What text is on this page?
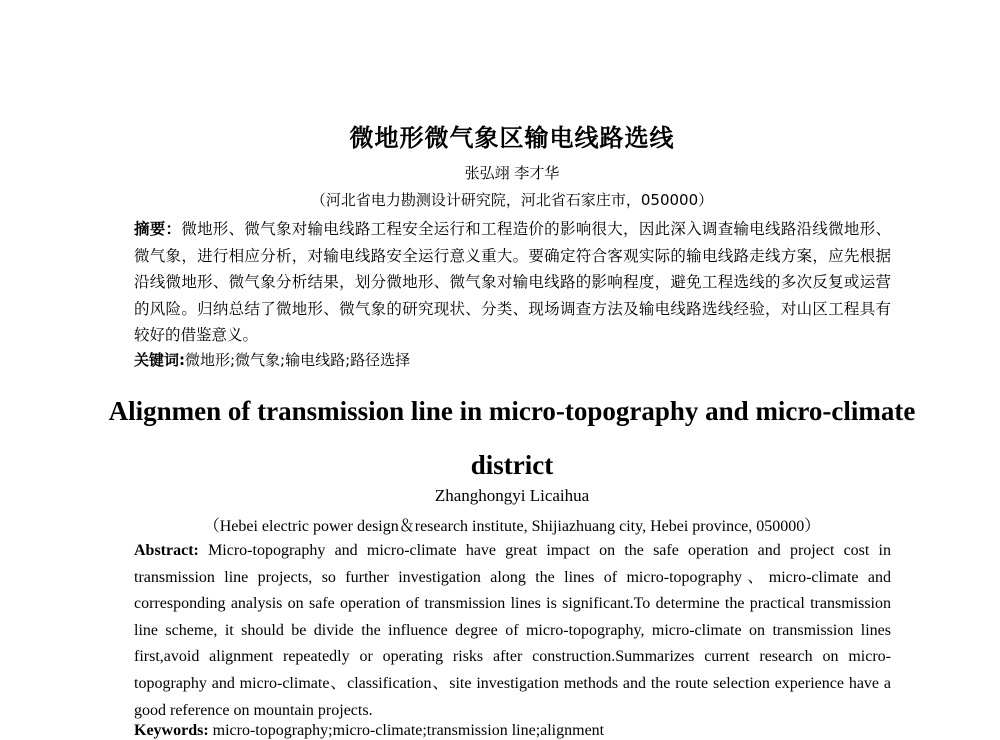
微地形微气象区输电线路选线
张弘翊 李才华
（河北省电力勘测设计研究院，河北省石家庄市，050000）
摘要：微地形、微气象对输电线路工程安全运行和工程造价的影响很大，因此深入调查输电线路沿线微地形、微气象，进行相应分析，对输电线路安全运行意义重大。要确定符合客观实际的输电线路走线方案，应先根据沿线微地形、微气象分析结果，划分微地形、微气象对输电线路的影响程度，避免工程选线的多次反复或运营的风险。归纳总结了微地形、微气象的研究现状、分类、现场调查方法及输电线路选线经验，对山区工程具有较好的借鉴意义。
关键词:微地形;微气象;输电线路;路径选择
Alignmen of transmission line in micro-topography and micro-climate district
Zhanghongyi Licaihua
（Hebei electric power design＆research institute, Shijiazhuang city, Hebei province, 050000）
Abstract: Micro-topography and micro-climate have great impact on the safe operation and project cost in transmission line projects, so further investigation along the lines of micro-topography、micro-climate and corresponding analysis on safe operation of transmission lines is significant.To determine the practical transmission line scheme, it should be divide the influence degree of micro-topography, micro-climate on transmission lines first,avoid alignment repeatedly or operating risks after construction.Summarizes current research on micro-topography and micro-climate、classification、site investigation methods and the route selection experience have a good reference on mountain projects.
Keywords: micro-topography;micro-climate;transmission line;alignment
